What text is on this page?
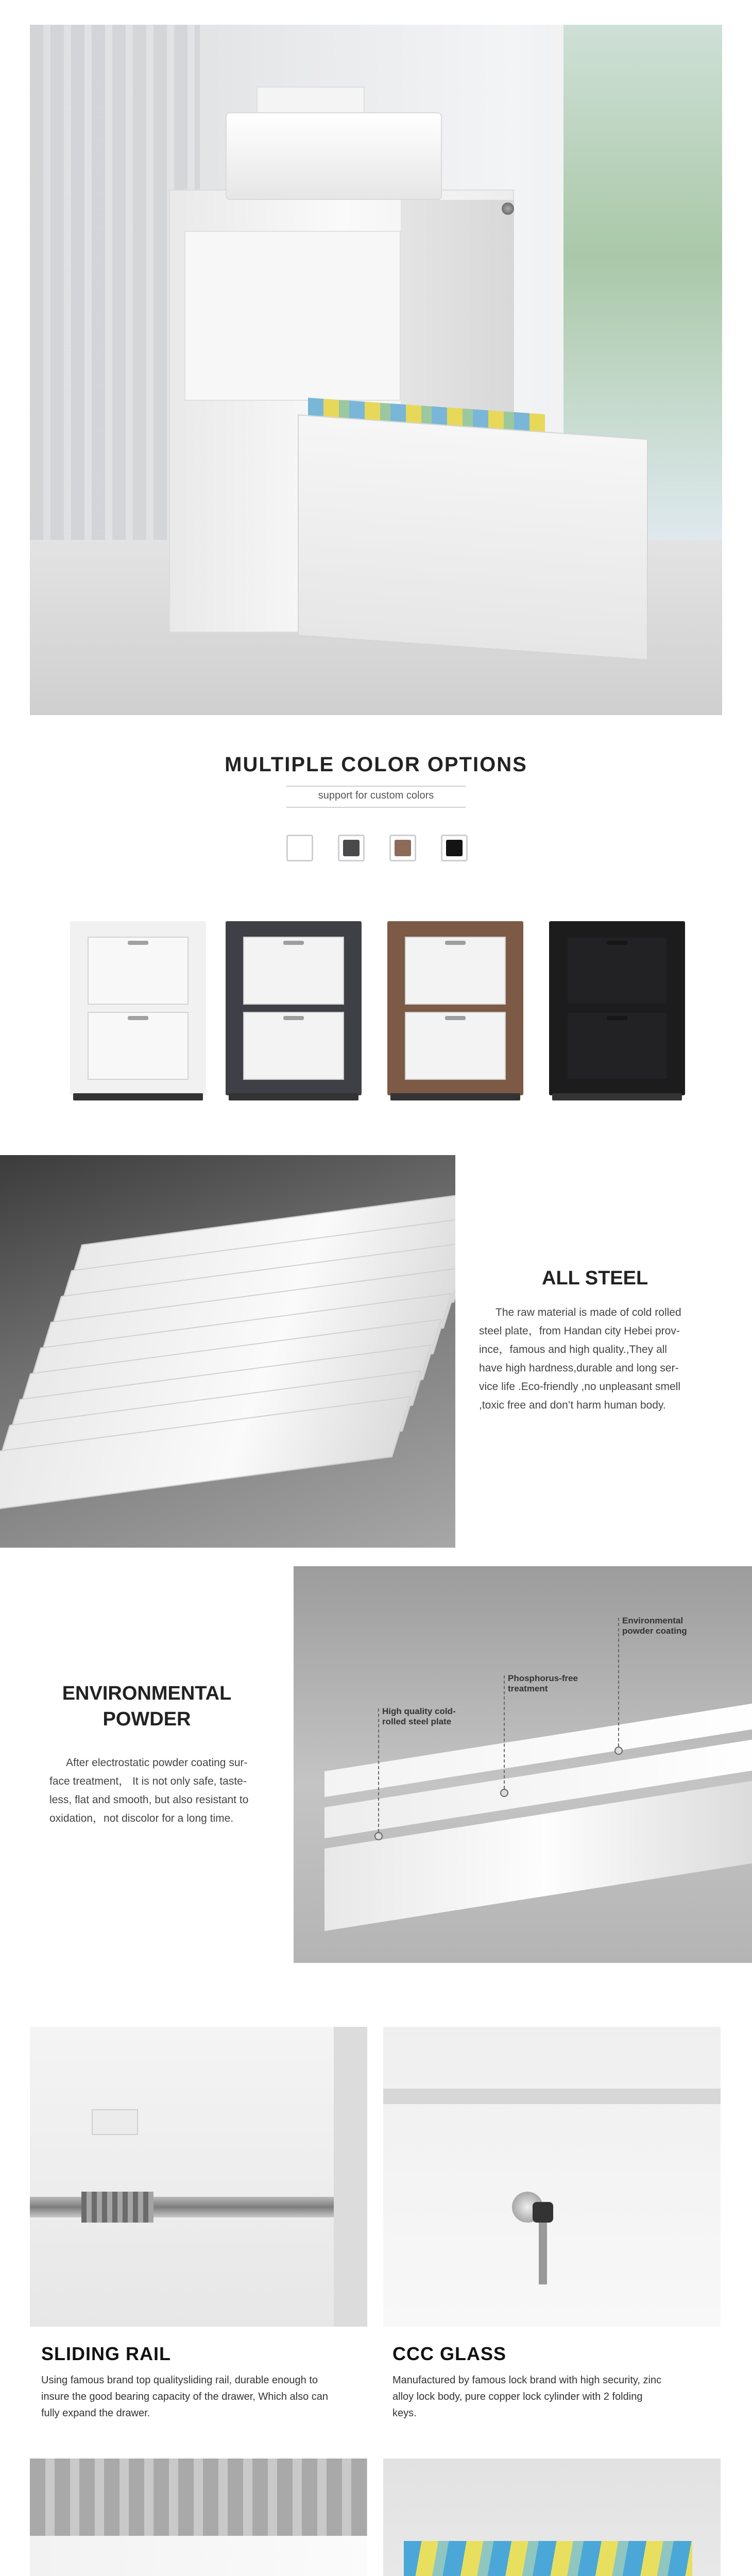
MULTIPLE COLOR OPTIONS
support for custom colors
ALL STEEL
The raw material is made of cold rolled
steel plate，from Handan city Hebei prov-
ince，famous and high quality.,They all
have high hardness,durable and long ser-
vice life .Eco-friendly ,no unpleasant smell
,toxic free and don’t harm human body.
ENVIRONMENTAL
POWDER
After electrostatic powder coating sur-
face treatment， It is not only safe, taste-
less, flat and smooth, but also resistant to
oxidation，not discolor for a long time.
Environmental
powder coating
Phosphorus-free
treatment
High quality cold-
rolled steel plate
SLIDING RAIL
Using famous brand top qualitysliding rail, durable enough to
insure the good bearing capacity of the drawer, Which also can
fully expand the drawer.
CCC GLASS
Manufactured by famous lock brand with high security, zinc
alloy lock body, pure copper lock cylinder with 2 folding
keys.
